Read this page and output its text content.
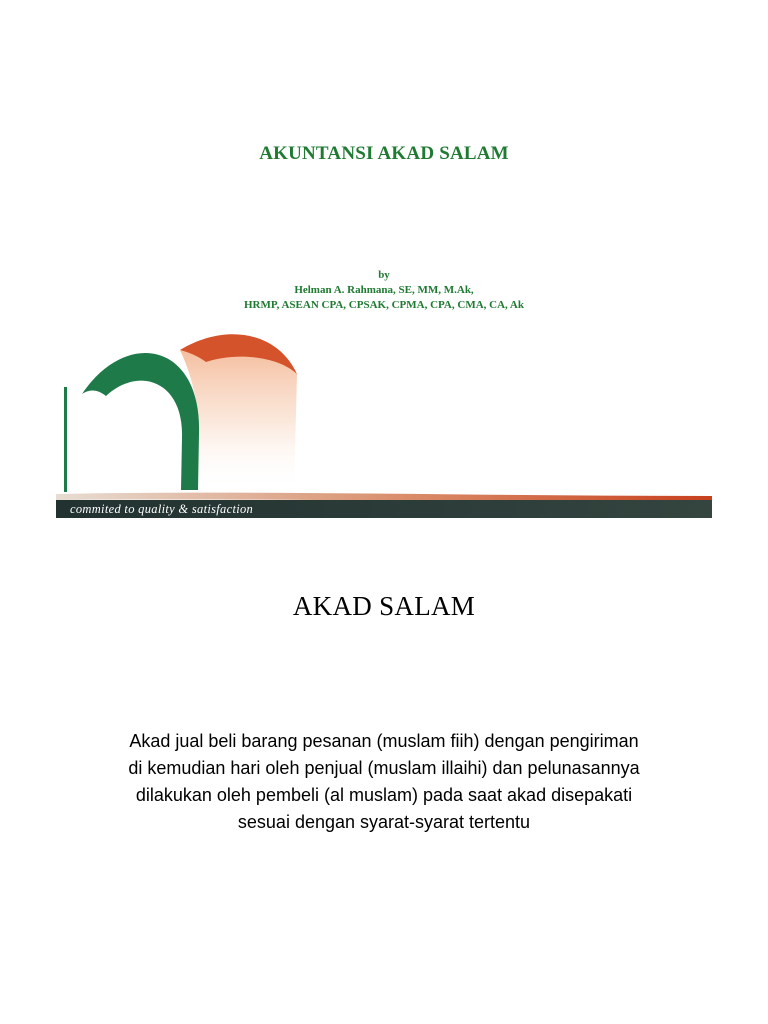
AKUNTANSI AKAD SALAM
by
Helman A. Rahmana, SE, MM, M.Ak,
HRMP, ASEAN CPA, CPSAK, CPMA, CPA, CMA, CA, Ak
commited to quality & satisfaction
AKAD SALAM
Akad jual beli barang pesanan (muslam fiih) dengan pengiriman
di kemudian hari oleh penjual (muslam illaihi) dan pelunasannya
dilakukan oleh pembeli (al muslam) pada saat akad disepakati
sesuai dengan syarat-syarat tertentu
